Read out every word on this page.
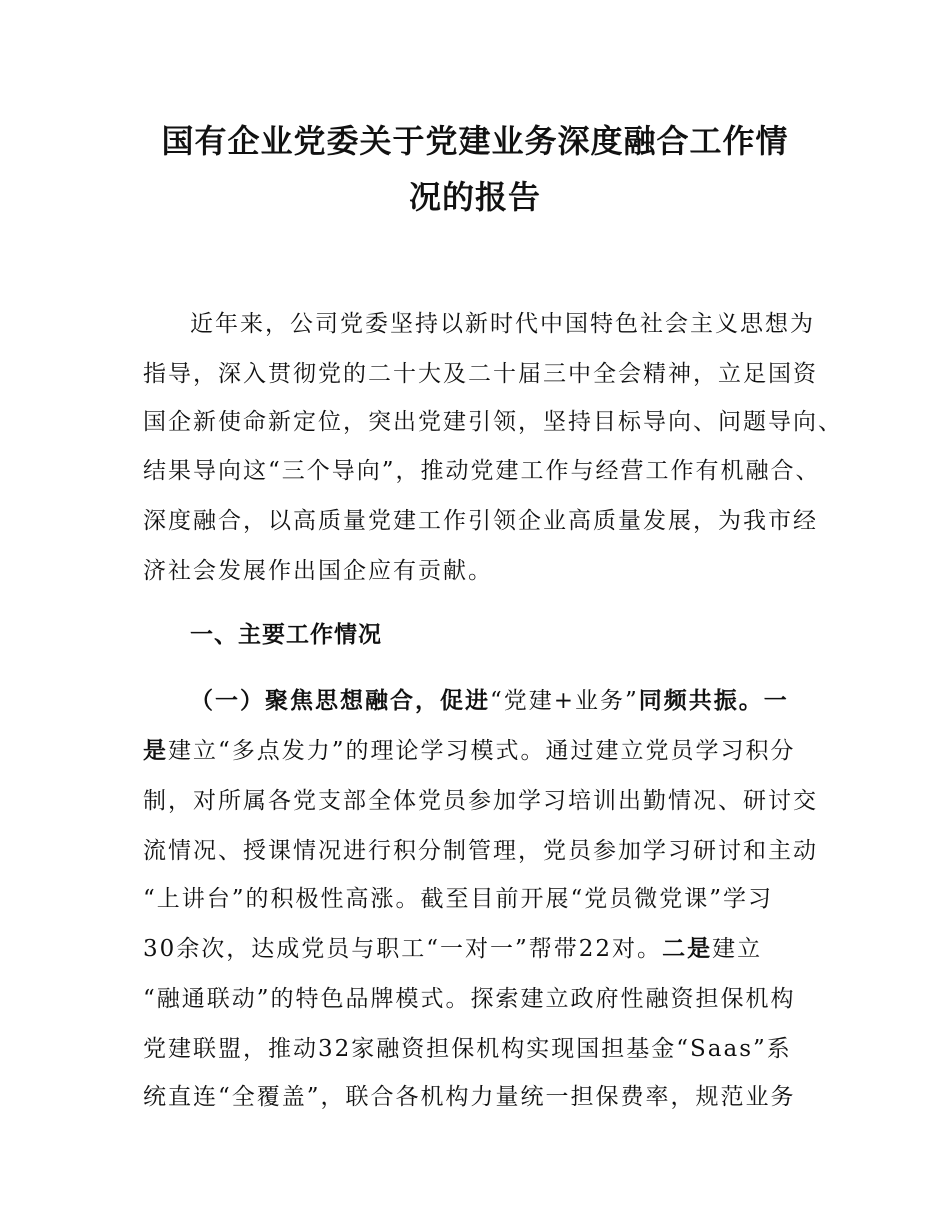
国有企业党委关于党建业务深度融合工作情
况的报告
近年来，公司党委坚持以新时代中国特色社会主义思想为
指导，深入贯彻党的二十大及二十届三中全会精神，立足国资
国企新使命新定位，突出党建引领，坚持目标导向、问题导向、
结果导向这“三个导向”，推动党建工作与经营工作有机融合、
深度融合，以高质量党建工作引领企业高质量发展，为我市经
济社会发展作出国企应有贡献。
一、主要工作情况
（一）聚焦思想融合，促进“党建+业务”同频共振。一
是建立“多点发力”的理论学习模式。通过建立党员学习积分
制，对所属各党支部全体党员参加学习培训出勤情况、研讨交
流情况、授课情况进行积分制管理，党员参加学习研讨和主动
“上讲台”的积极性高涨。截至目前开展“党员微党课”学习
30余次，达成党员与职工“一对一”帮带22对。二是建立
“融通联动”的特色品牌模式。探索建立政府性融资担保机构
党建联盟，推动32家融资担保机构实现国担基金“Saas”系
统直连“全覆盖”，联合各机构力量统一担保费率，规范业务
